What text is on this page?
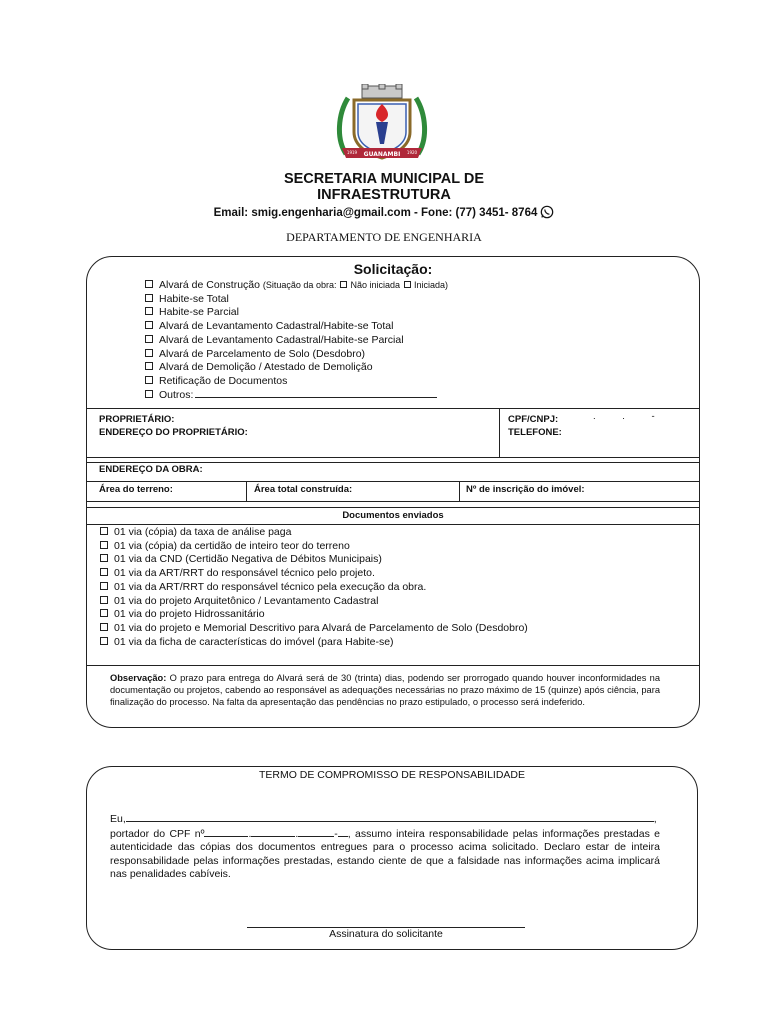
GUANAMBI
1919	1920
SECRETARIA MUNICIPAL DE
INFRAESTRUTURA
Email: smig.engenharia@gmail.com - Fone: (77) 3451- 8764
DEPARTAMENTO DE ENGENHARIA
Solicitação:
Alvará de Construção (Situação da obra: Não iniciada Iniciada)
Habite-se Total
Habite-se Parcial
Alvará de Levantamento Cadastral/Habite-se Total
Alvará de Levantamento Cadastral/Habite-se Parcial
Alvará de Parcelamento de Solo (Desdobro)
Alvará de Demolição / Atestado de Demolição
Retificação de Documentos
Outros:
PROPRIETÁRIO:
ENDEREÇO DO PROPRIETÁRIO:
CPF/CNPJ:	. . -
TELEFONE:
ENDEREÇO DA OBRA:
Área do terreno:	Área total construída:	Nº de inscrição do imóvel:
Documentos enviados
01 via (cópia) da taxa de análise paga
01 via (cópia) da certidão de inteiro teor do terreno
01 via da CND (Certidão Negativa de Débitos Municipais)
01 via da ART/RRT do responsável técnico pelo projeto.
01 via da ART/RRT do responsável técnico pela execução da obra.
01 via do projeto Arquitetônico / Levantamento Cadastral
01 via do projeto Hidrossanitário
01 via do projeto e Memorial Descritivo para Alvará de Parcelamento de Solo (Desdobro)
01 via da ficha de características do imóvel (para Habite-se)
Observação: O prazo para entrega do Alvará será de 30 (trinta) dias, podendo ser prorrogado quando houver inconformidades na documentação ou projetos, cabendo ao responsável as adequações necessárias no prazo máximo de 15 (quinze) após ciência, para finalização do processo. Na falta da apresentação das pendências no prazo estipulado, o processo será indeferido.
TERMO DE COMPROMISSO DE RESPONSABILIDADE
Eu,	,
portador do CPF nº	.	.	- , assumo inteira responsabilidade pelas informações prestadas e autenticidade das cópias dos documentos entregues para o processo acima solicitado. Declaro estar de inteira responsabilidade pelas informações prestadas, estando ciente de que a falsidade nas informações acima implicará nas penalidades cabíveis.
Assinatura do solicitante
